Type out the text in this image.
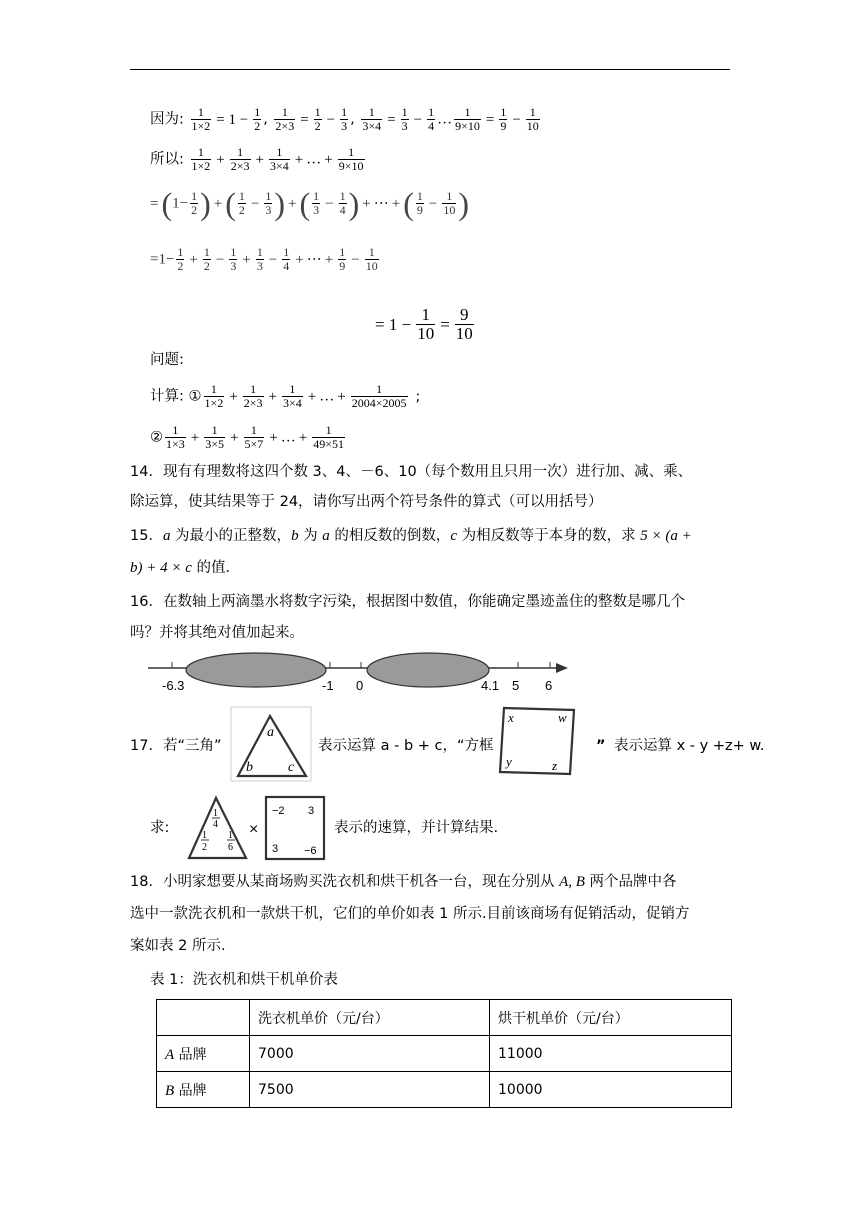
因为: $\frac{1}{1\times 2} = 1 - \frac{1}{2}$ , $\frac{1}{2\times 3} = \frac{1}{2} - \frac{1}{3}$ , $\frac{1}{3\times 4} = \frac{1}{3} - \frac{1}{4}$ … $\frac{1}{9\times 10} = \frac{1}{9} - \frac{1}{10}$
所以: $\frac{1}{1\times 2} + \frac{1}{2\times 3} + \frac{1}{3\times 4}$ + … + $\frac{1}{9\times 10}$
$=(1- \frac{1}{2}$ ) +( $\frac{1}{2} - \frac{1}{3}$ ) +( $\frac{1}{3} - \frac{1}{4}$ ) + ⋯ +( $\frac{1}{9} - \frac{1}{10}$ )
$=1- \frac{1}{2} + \frac{1}{2} - \frac{1}{3} + \frac{1}{3} - \frac{1}{4}$ + ⋯ + $\frac{1}{9} - \frac{1}{10}$
= $1 - \frac{1}{10} = \frac{9}{10}$
问题:
计算: ① $\frac{1}{1\times 2} + \frac{1}{2\times 3} + \frac{1}{3\times 4}$ + … + $\frac{1}{2004\times 2005}$ ;
② $\frac{1}{1\times 3} + \frac{1}{3\times 5} + \frac{1}{5\times 7}$ + … + $\frac{1}{49\times 51}$
14．现有有理数将这四个数 3、4、－6、10（每个数用且只用一次）进行加、减、乘、
除运算，使其结果等于 24，请你写出两个符号条件的算式（可以用括号）
15．a 为最小的正整数，b 为 a 的相反数的倒数，c 为相反数等于本身的数，求 5 × (a +
b) + 4 × c 的值．
16．在数轴上两滴墨水将数字污染，根据图中数值，你能确定墨迹盖住的整数是哪几个
吗？并将其绝对值加起来。
-6.3	-1 0	4.1 5 6
17．若“三角”
a
b	c
表示运算 a - b + c，“方框
x	w
y	z
” 表示运算 x - y +z+ w.
求:
1
4
1
2
1
6
×
−2 3
3 −6
表示的速算，并计算结果.
18．小明家想要从某商场购买洗衣机和烘干机各一台，现在分别从 A, B 两个品牌中各
选中一款洗衣机和一款烘干机，它们的单价如表 1 所示.目前该商场有促销活动，促销方
案如表 2 所示.
表 1：洗衣机和烘干机单价表
	洗衣机单价（元/台）	烘干机单价（元/台）
A 品牌	7000	11000
B 品牌	7500	10000
